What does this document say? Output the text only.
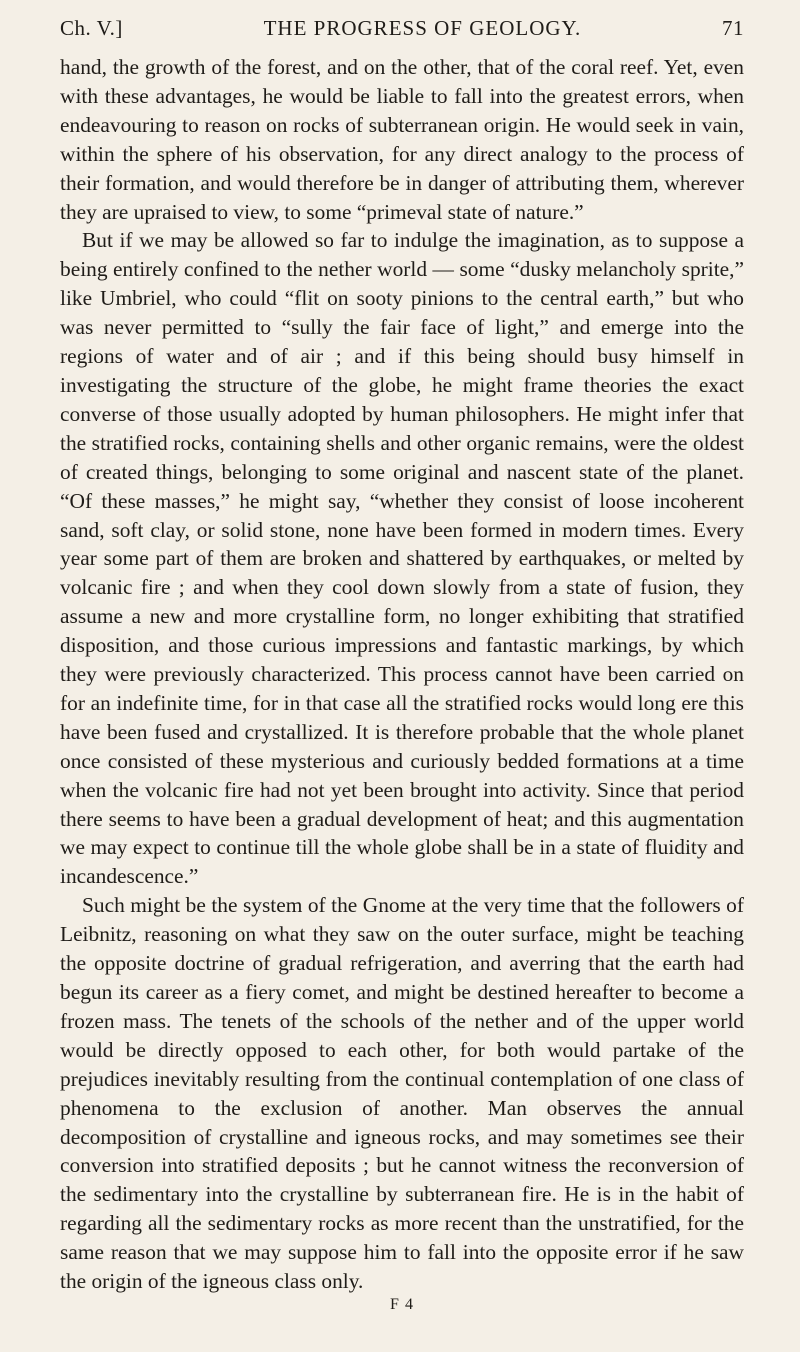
Ch. V.]	THE PROGRESS OF GEOLOGY.	71

hand, the growth of the forest, and on the other, that of the coral reef. Yet, even with these advantages, he would be liable to fall into the greatest errors, when endeavouring to reason on rocks of subterranean origin. He would seek in vain, within the sphere of his observation, for any direct analogy to the process of their formation, and would therefore be in danger of attributing them, wherever they are upraised to view, to some “primeval state of nature.”

But if we may be allowed so far to indulge the imagination, as to suppose a being entirely confined to the nether world — some “dusky melancholy sprite,” like Umbriel, who could “flit on sooty pinions to the central earth,” but who was never permitted to “sully the fair face of light,” and emerge into the regions of water and of air ; and if this being should busy himself in investigating the structure of the globe, he might frame theories the exact converse of those usually adopted by human philosophers. He might infer that the stratified rocks, containing shells and other organic remains, were the oldest of created things, belonging to some original and nascent state of the planet. “Of these masses,” he might say, “whether they consist of loose incoherent sand, soft clay, or solid stone, none have been formed in modern times. Every year some part of them are broken and shattered by earthquakes, or melted by volcanic fire ; and when they cool down slowly from a state of fusion, they assume a new and more crystalline form, no longer exhibiting that stratified disposition, and those curious impressions and fantastic markings, by which they were previously characterized. This process cannot have been carried on for an indefinite time, for in that case all the stratified rocks would long ere this have been fused and crystallized. It is therefore probable that the whole planet once consisted of these mysterious and curiously bedded formations at a time when the volcanic fire had not yet been brought into activity. Since that period there seems to have been a gradual development of heat; and this augmentation we may expect to continue till the whole globe shall be in a state of fluidity and incandescence.”

Such might be the system of the Gnome at the very time that the followers of Leibnitz, reasoning on what they saw on the outer surface, might be teaching the opposite doctrine of gradual refrigeration, and averring that the earth had begun its career as a fiery comet, and might be destined hereafter to become a frozen mass. The tenets of the schools of the nether and of the upper world would be directly opposed to each other, for both would partake of the prejudices inevitably resulting from the continual contemplation of one class of phenomena to the exclusion of another. Man observes the annual decomposition of crystalline and igneous rocks, and may sometimes see their conversion into stratified deposits ; but he cannot witness the reconversion of the sedimentary into the crystalline by subterranean fire. He is in the habit of regarding all the sedimentary rocks as more recent than the unstratified, for the same reason that we may suppose him to fall into the opposite error if he saw the origin of the igneous class only.

F 4
